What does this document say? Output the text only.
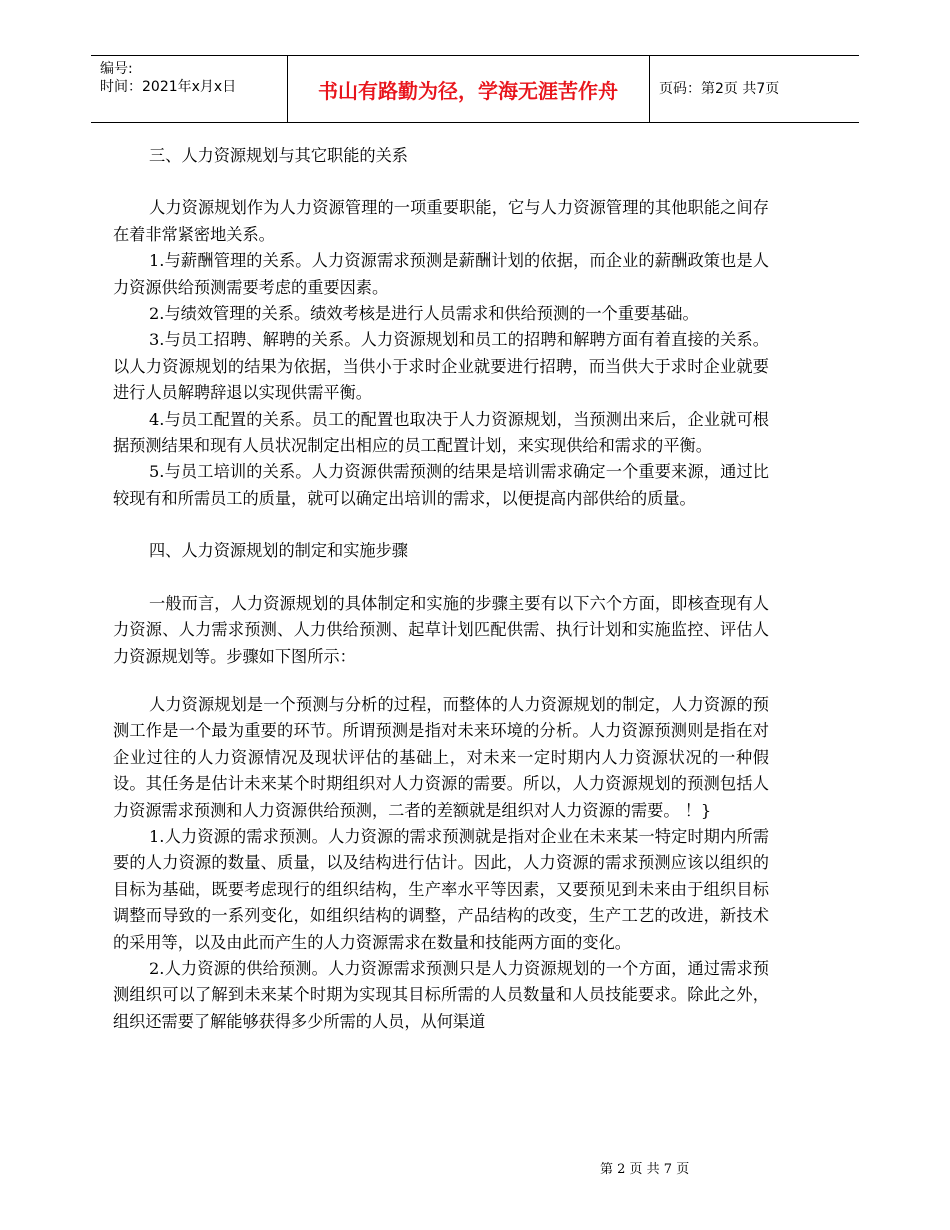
编号:
时间：2021年x月x日	书山有路勤为径，学海无涯苦作舟	页码：第2页 共7页

三、人力资源规划与其它职能的关系

人力资源规划作为人力资源管理的一项重要职能，它与人力资源管理的其他职能之间存在着非常紧密地关系。

1.与薪酬管理的关系。人力资源需求预测是薪酬计划的依据，而企业的薪酬政策也是人力资源供给预测需要考虑的重要因素。

2.与绩效管理的关系。绩效考核是进行人员需求和供给预测的一个重要基础。

3.与员工招聘、解聘的关系。人力资源规划和员工的招聘和解聘方面有着直接的关系。以人力资源规划的结果为依据，当供小于求时企业就要进行招聘，而当供大于求时企业就要进行人员解聘辞退以实现供需平衡。

4.与员工配置的关系。员工的配置也取决于人力资源规划，当预测出来后，企业就可根据预测结果和现有人员状况制定出相应的员工配置计划，来实现供给和需求的平衡。

5.与员工培训的关系。人力资源供需预测的结果是培训需求确定一个重要来源，通过比较现有和所需员工的质量，就可以确定出培训的需求，以便提高内部供给的质量。

四、人力资源规划的制定和实施步骤

一般而言，人力资源规划的具体制定和实施的步骤主要有以下六个方面，即核查现有人力资源、人力需求预测、人力供给预测、起草计划匹配供需、执行计划和实施监控、评估人力资源规划等。步骤如下图所示：

人力资源规划是一个预测与分析的过程，而整体的人力资源规划的制定，人力资源的预测工作是一个最为重要的环节。所谓预测是指对未来环境的分析。人力资源预测则是指在对企业过往的人力资源情况及现状评估的基础上，对未来一定时期内人力资源状况的一种假设。其任务是估计未来某个时期组织对人力资源的需要。所以，人力资源规划的预测包括人力资源需求预测和人力资源供给预测，二者的差额就是组织对人力资源的需要。 ！}

1.人力资源的需求预测。人力资源的需求预测就是指对企业在未来某一特定时期内所需要的人力资源的数量、质量，以及结构进行估计。因此，人力资源的需求预测应该以组织的目标为基础，既要考虑现行的组织结构，生产率水平等因素，又要预见到未来由于组织目标调整而导致的一系列变化，如组织结构的调整，产品结构的改变，生产工艺的改进，新技术的采用等，以及由此而产生的人力资源需求在数量和技能两方面的变化。

2.人力资源的供给预测。人力资源需求预测只是人力资源规划的一个方面，通过需求预测组织可以了解到未来某个时期为实现其目标所需的人员数量和人员技能要求。除此之外，组织还需要了解能够获得多少所需的人员，从何渠道

第 2 页 共 7 页
